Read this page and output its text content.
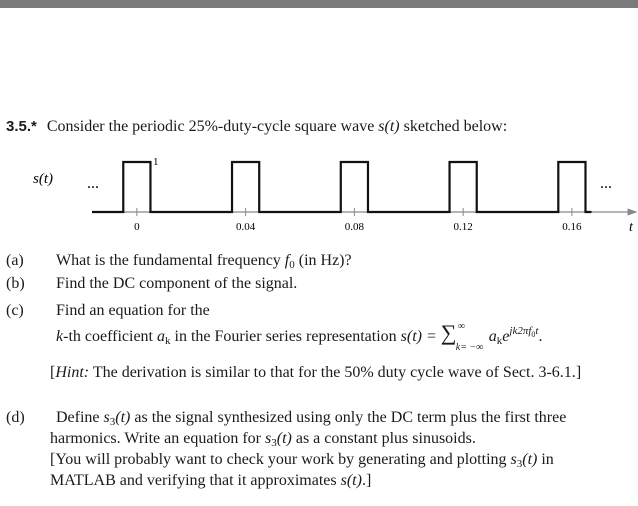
3.5.* Consider the periodic 25%-duty-cycle square wave s(t) sketched below:
s(t) ...	...
t
1
0	0.04	0.08	0.12	0.16
(a) What is the fundamental frequency $f_0$ (in Hz)?
(b) Find the DC component of the signal.
(c) Find an equation for the
k-th coefficient $a_k$ in the Fourier series representation s(t) = ∑ ∞
k= −∞
$a_ke^{jk2\pi f0t}$.
[Hint: The derivation is similar to that for the 50% duty cycle wave of Sect. 3-6.1.]
(d) Define $s_3(t)$ as the signal synthesized using only the DC term plus the first three
harmonics. Write an equation for $s_3(t)$ as a constant plus sinusoids.
[You will probably want to check your work by generating and plotting $s_3(t)$ in
MATLAB and verifying that it approximates s(t).]
